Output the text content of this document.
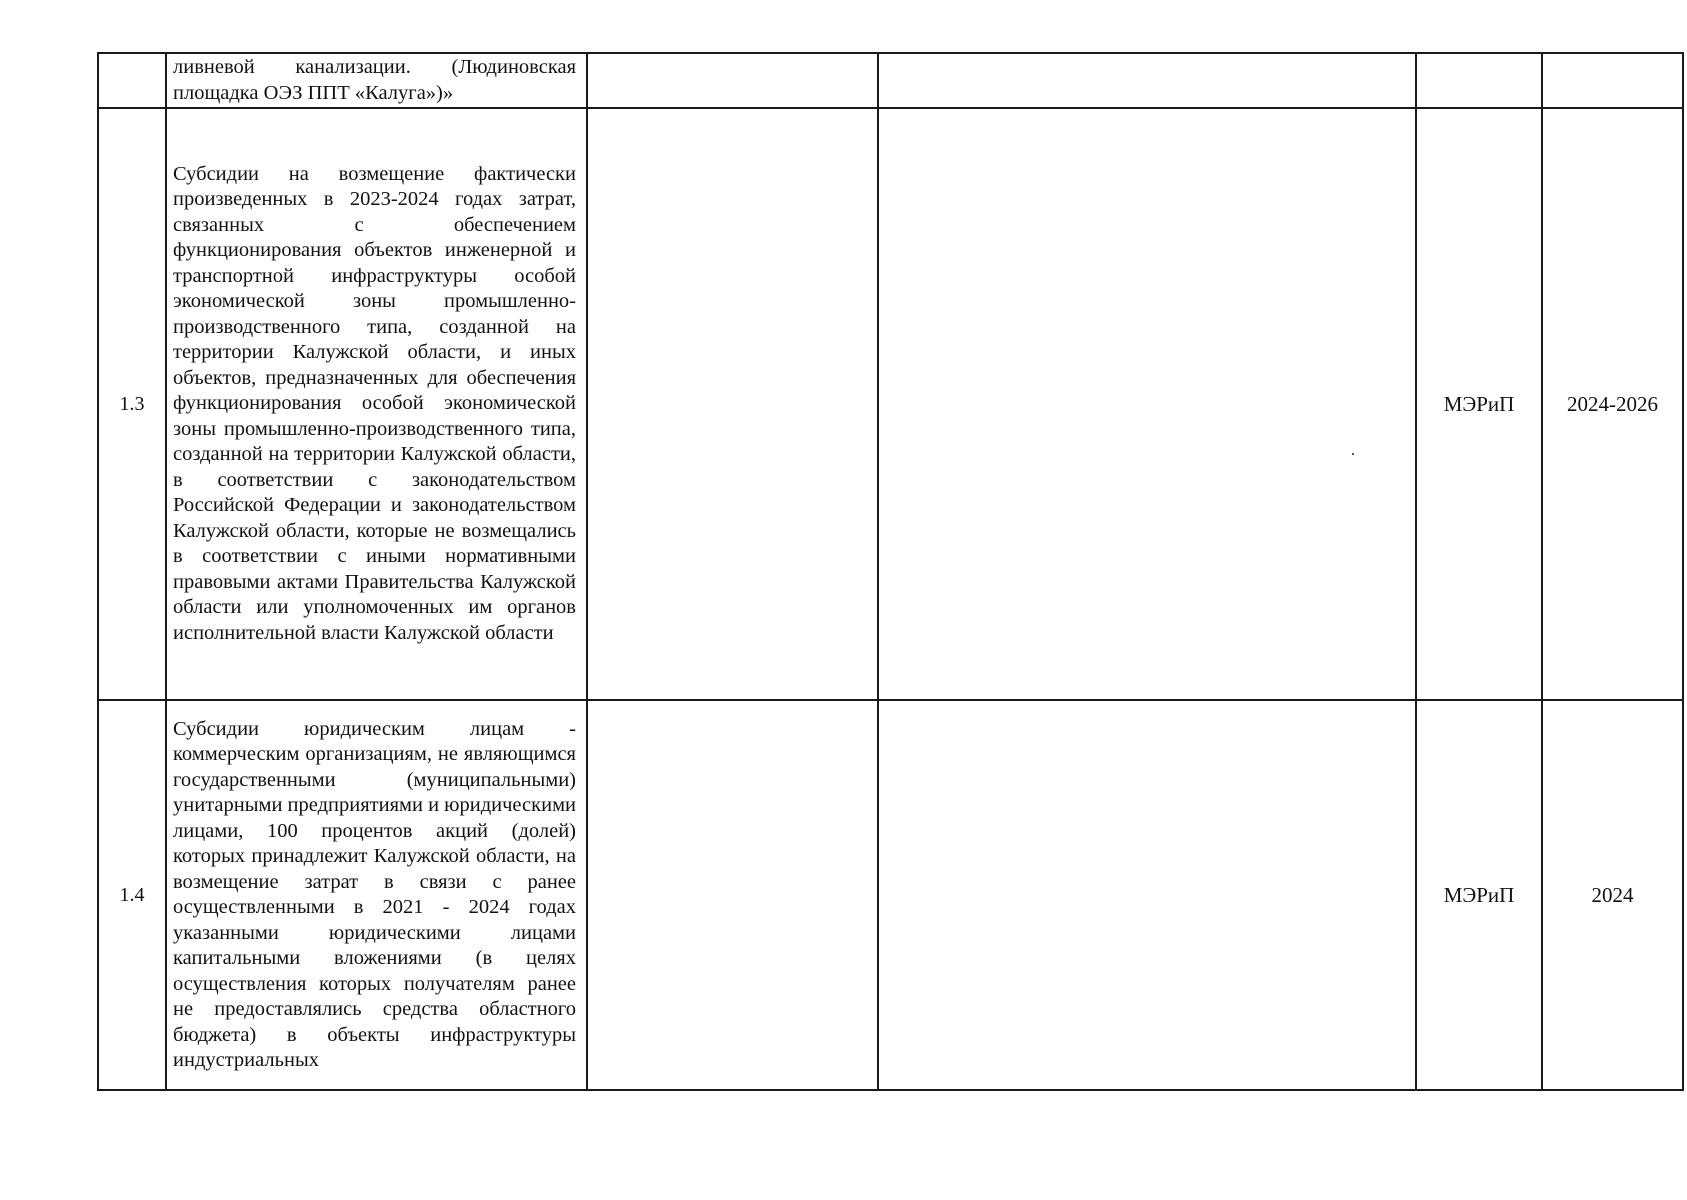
	ливневой канализации. (Людиновская площадка ОЭЗ ППТ «Калуга»)»				

1.3	Субсидии на возмещение фактически произведенных в 2023-2024 годах затрат, связанных с обеспечением функционирования объектов инженерной и транспортной инфраструктуры особой экономической зоны промышленно-производственного типа, созданной на территории Калужской области, и иных объектов, предназначенных для обеспечения функционирования особой экономической зоны промышленно-производственного типа, созданной на территории Калужской области, в соответствии с законодательством Российской Федерации и законодательством Калужской области, которые не возмещались в соответствии с иными нормативными правовыми актами Правительства Калужской области или уполномоченных им органов исполнительной власти Калужской области			МЭРиП	2024-2026
1.4	Субсидии юридическим лицам - коммерческим организациям, не являющимся государственными (муниципальными) унитарными предприятиями и юридическими лицами, 100 процентов акций (долей) которых принадлежит Калужской области, на возмещение затрат в связи с ранее осуществленными в 2021 - 2024 годах указанными юридическими лицами капитальными вложениями (в целях осуществления которых получателям ранее не предоставлялись средства областного бюджета) в объекты инфраструктуры индустриальных			МЭРиП	2024
